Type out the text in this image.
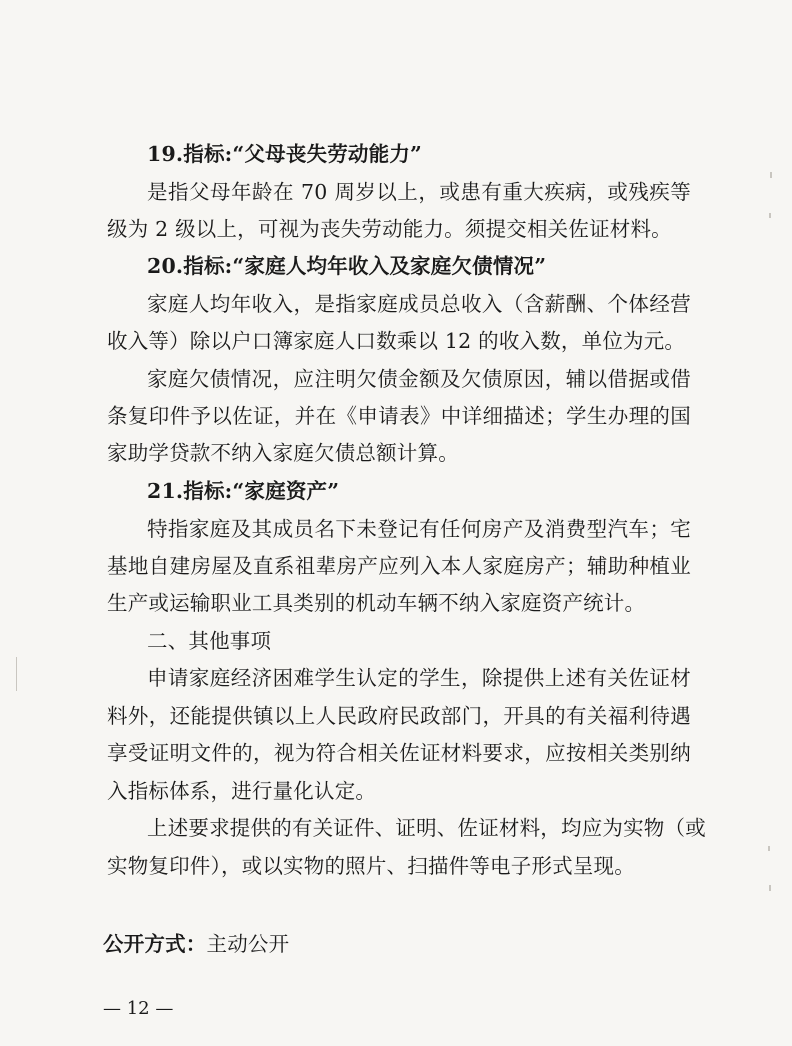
19.指标:“父母丧失劳动能力”
是指父母年龄在 70 周岁以上，或患有重大疾病，或残疾等
级为 2 级以上，可视为丧失劳动能力。须提交相关佐证材料。
20.指标:“家庭人均年收入及家庭欠债情况”
家庭人均年收入，是指家庭成员总收入（含薪酬、个体经营
收入等）除以户口簿家庭人口数乘以 12 的收入数，单位为元。
家庭欠债情况，应注明欠债金额及欠债原因，辅以借据或借
条复印件予以佐证，并在《申请表》中详细描述；学生办理的国
家助学贷款不纳入家庭欠债总额计算。
21.指标:“家庭资产”
特指家庭及其成员名下未登记有任何房产及消费型汽车；宅
基地自建房屋及直系祖辈房产应列入本人家庭房产；辅助种植业
生产或运输职业工具类别的机动车辆不纳入家庭资产统计。
二、其他事项
申请家庭经济困难学生认定的学生，除提供上述有关佐证材
料外，还能提供镇以上人民政府民政部门，开具的有关福利待遇
享受证明文件的，视为符合相关佐证材料要求，应按相关类别纳
入指标体系，进行量化认定。
上述要求提供的有关证件、证明、佐证材料，均应为实物（或
实物复印件），或以实物的照片、扫描件等电子形式呈现。
公开方式：主动公开
— 12 —
